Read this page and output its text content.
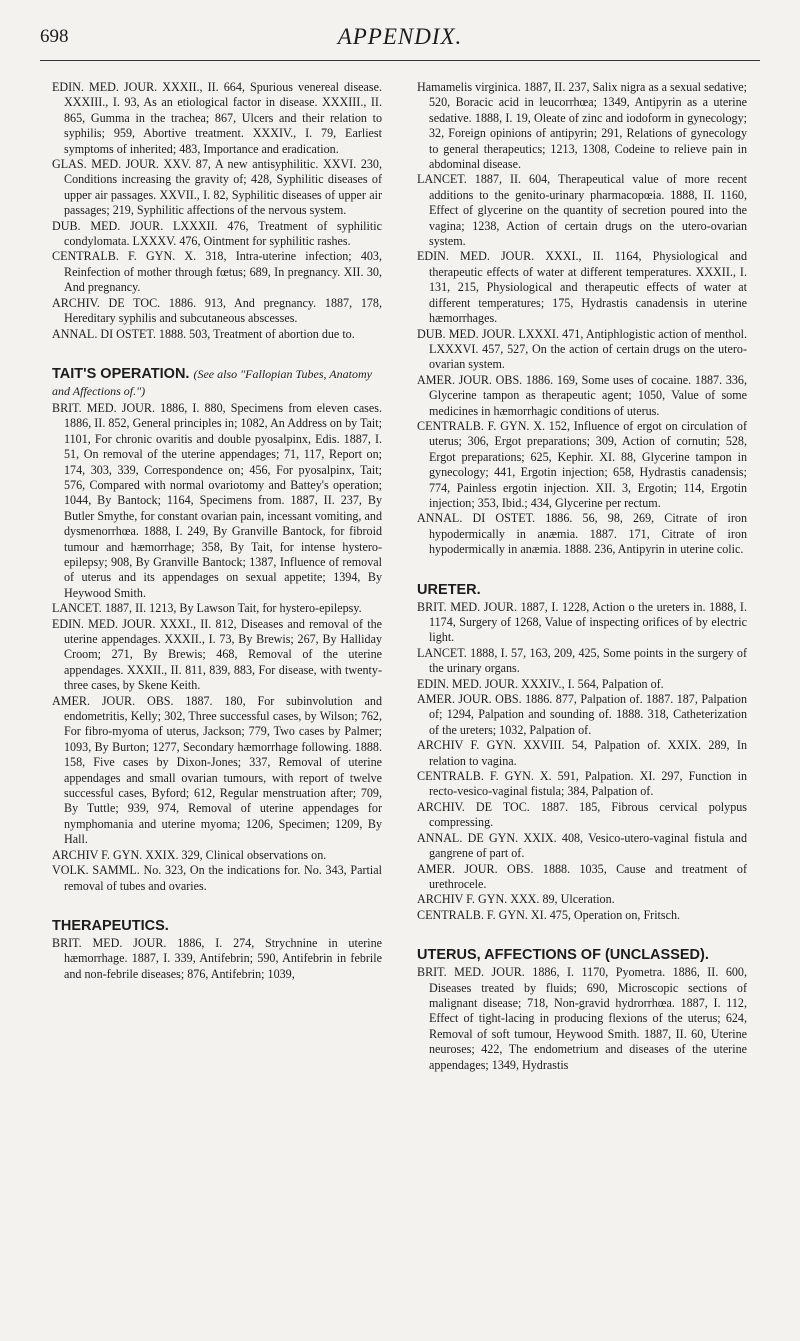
698	APPENDIX.

EDIN. MED. JOUR. XXXII., II. 664, Spurious venereal disease. XXXIII., I. 93, As an etiological factor in disease. XXXIII., II. 865, Gumma in the trachea; 867, Ulcers and their relation to syphilis; 959, Abortive treatment. XXXIV., I. 79, Earliest symptoms of inherited; 483, Importance and eradication.

GLAS. MED. JOUR. XXV. 87, A new antisyphilitic. XXVI. 230, Conditions increasing the gravity of; 428, Syphilitic diseases of upper air passages. XXVII., I. 82, Syphilitic diseases of upper air passages; 219, Syphilitic affections of the nervous system.

DUB. MED. JOUR. LXXXII. 476, Treatment of syphilitic condylomata. LXXXV. 476, Ointment for syphilitic rashes.

CENTRALB. F. GYN. X. 318, Intra-uterine infection; 403, Reinfection of mother through fœtus; 689, In pregnancy. XII. 30, And pregnancy.

ARCHIV. DE TOC. 1886. 913, And pregnancy. 1887, 178, Hereditary syphilis and subcutaneous abscesses.

ANNAL. DI OSTET. 1888. 503, Treatment of abortion due to.

TAIT'S OPERATION. (See also "Fallopian Tubes, Anatomy and Affections of.")

BRIT. MED. JOUR. 1886, I. 880, Specimens from eleven cases. 1886, II. 852, General principles in; 1082, An Address on by Tait; 1101, For chronic ovaritis and double pyosalpinx, Edis. 1887, I. 51, On removal of the uterine appendages; 71, 117, Report on; 174, 303, 339, Correspondence on; 456, For pyosalpinx, Tait; 576, Compared with normal ovariotomy and Battey's operation; 1044, By Bantock; 1164, Specimens from. 1887, II. 237, By Butler Smythe, for constant ovarian pain, incessant vomiting, and dysmenorrhœa. 1888, I. 249, By Granville Bantock, for fibroid tumour and hæmorrhage; 358, By Tait, for intense hystero-epilepsy; 908, By Granville Bantock; 1387, Influence of removal of uterus and its appendages on sexual appetite; 1394, By Heywood Smith.

LANCET. 1887, II. 1213, By Lawson Tait, for hystero-epilepsy.

EDIN. MED. JOUR. XXXI., II. 812, Diseases and removal of the uterine appendages. XXXII., I. 73, By Brewis; 267, By Halliday Croom; 271, By Brewis; 468, Removal of the uterine appendages. XXXII., II. 811, 839, 883, For disease, with twenty-three cases, by Skene Keith.

AMER. JOUR. OBS. 1887. 180, For subinvolution and endometritis, Kelly; 302, Three successful cases, by Wilson; 762, For fibro-myoma of uterus, Jackson; 779, Two cases by Palmer; 1093, By Burton; 1277, Secondary hæmorrhage following. 1888. 158, Five cases by Dixon-Jones; 337, Removal of uterine appendages and small ovarian tumours, with report of twelve successful cases, Byford; 612, Regular menstruation after; 709, By Tuttle; 939, 974, Removal of uterine appendages for nymphomania and uterine myoma; 1206, Specimen; 1209, By Hall.

ARCHIV F. GYN. XXIX. 329, Clinical observations on.

VOLK. SAMML. No. 323, On the indications for. No. 343, Partial removal of tubes and ovaries.

THERAPEUTICS.

BRIT. MED. JOUR. 1886, I. 274, Strychnine in uterine hæmorrhage. 1887, I. 339, Antifebrin; 590, Antifebrin in febrile and non-febrile diseases; 876, Antifebrin; 1039,

Hamamelis virginica. 1887, II. 237, Salix nigra as a sexual sedative; 520, Boracic acid in leucorrhœa; 1349, Antipyrin as a uterine sedative. 1888, I. 19, Oleate of zinc and iodoform in gynecology; 32, Foreign opinions of antipyrin; 291, Relations of gynecology to general therapeutics; 1213, 1308, Codeine to relieve pain in abdominal disease.

LANCET. 1887, II. 604, Therapeutical value of more recent additions to the genito-urinary pharmacopœia. 1888, II. 1160, Effect of glycerine on the quantity of secretion poured into the vagina; 1238, Action of certain drugs on the utero-ovarian system.

EDIN. MED. JOUR. XXXI., II. 1164, Physiological and therapeutic effects of water at different temperatures. XXXII., I. 131, 215, Physiological and therapeutic effects of water at different temperatures; 175, Hydrastis canadensis in uterine hæmorrhages.

DUB. MED. JOUR. LXXXI. 471, Antiphlogistic action of menthol. LXXXVI. 457, 527, On the action of certain drugs on the utero-ovarian system.

AMER. JOUR. OBS. 1886. 169, Some uses of cocaine. 1887. 336, Glycerine tampon as therapeutic agent; 1050, Value of some medicines in hæmorrhagic conditions of uterus.

CENTRALB. F. GYN. X. 152, Influence of ergot on circulation of uterus; 306, Ergot preparations; 309, Action of cornutin; 528, Ergot preparations; 625, Kephir. XI. 88, Glycerine tampon in gynecology; 441, Ergotin injection; 658, Hydrastis canadensis; 774, Painless ergotin injection. XII. 3, Ergotin; 114, Ergotin injection; 353, Ibid.; 434, Glycerine per rectum.

ANNAL. DI OSTET. 1886. 56, 98, 269, Citrate of iron hypodermically in anæmia. 1887. 171, Citrate of iron hypodermically in anæmia. 1888. 236, Antipyrin in uterine colic.

URETER.

BRIT. MED. JOUR. 1887, I. 1228, Action o the ureters in. 1888, I. 1174, Surgery of 1268, Value of inspecting orifices of by electric light.

LANCET. 1888, I. 57, 163, 209, 425, Some points in the surgery of the urinary organs.

EDIN. MED. JOUR. XXXIV., I. 564, Palpation of.

AMER. JOUR. OBS. 1886. 877, Palpation of. 1887. 187, Palpation of; 1294, Palpation and sounding of. 1888. 318, Catheterization of the ureters; 1032, Palpation of.

ARCHIV F. GYN. XXVIII. 54, Palpation of. XXIX. 289, In relation to vagina.

CENTRALB. F. GYN. X. 591, Palpation. XI. 297, Function in recto-vesico-vaginal fistula; 384, Palpation of.

ARCHIV. DE TOC. 1887. 185, Fibrous cervical polypus compressing.

ANNAL. DE GYN. XXIX. 408, Vesico-utero-vaginal fistula and gangrene of part of.

AMER. JOUR. OBS. 1888. 1035, Cause and treatment of urethrocele.

ARCHIV F. GYN. XXX. 89, Ulceration.

CENTRALB. F. GYN. XI. 475, Operation on, Fritsch.

UTERUS, AFFECTIONS OF (UNCLASSED).

BRIT. MED. JOUR. 1886, I. 1170, Pyometra. 1886, II. 600, Diseases treated by fluids; 690, Microscopic sections of malignant disease; 718, Non-gravid hydrorrhœa. 1887, I. 112, Effect of tight-lacing in producing flexions of the uterus; 624, Removal of soft tumour, Heywood Smith. 1887, II. 60, Uterine neuroses; 422, The endometrium and diseases of the uterine appendages; 1349, Hydrastis
